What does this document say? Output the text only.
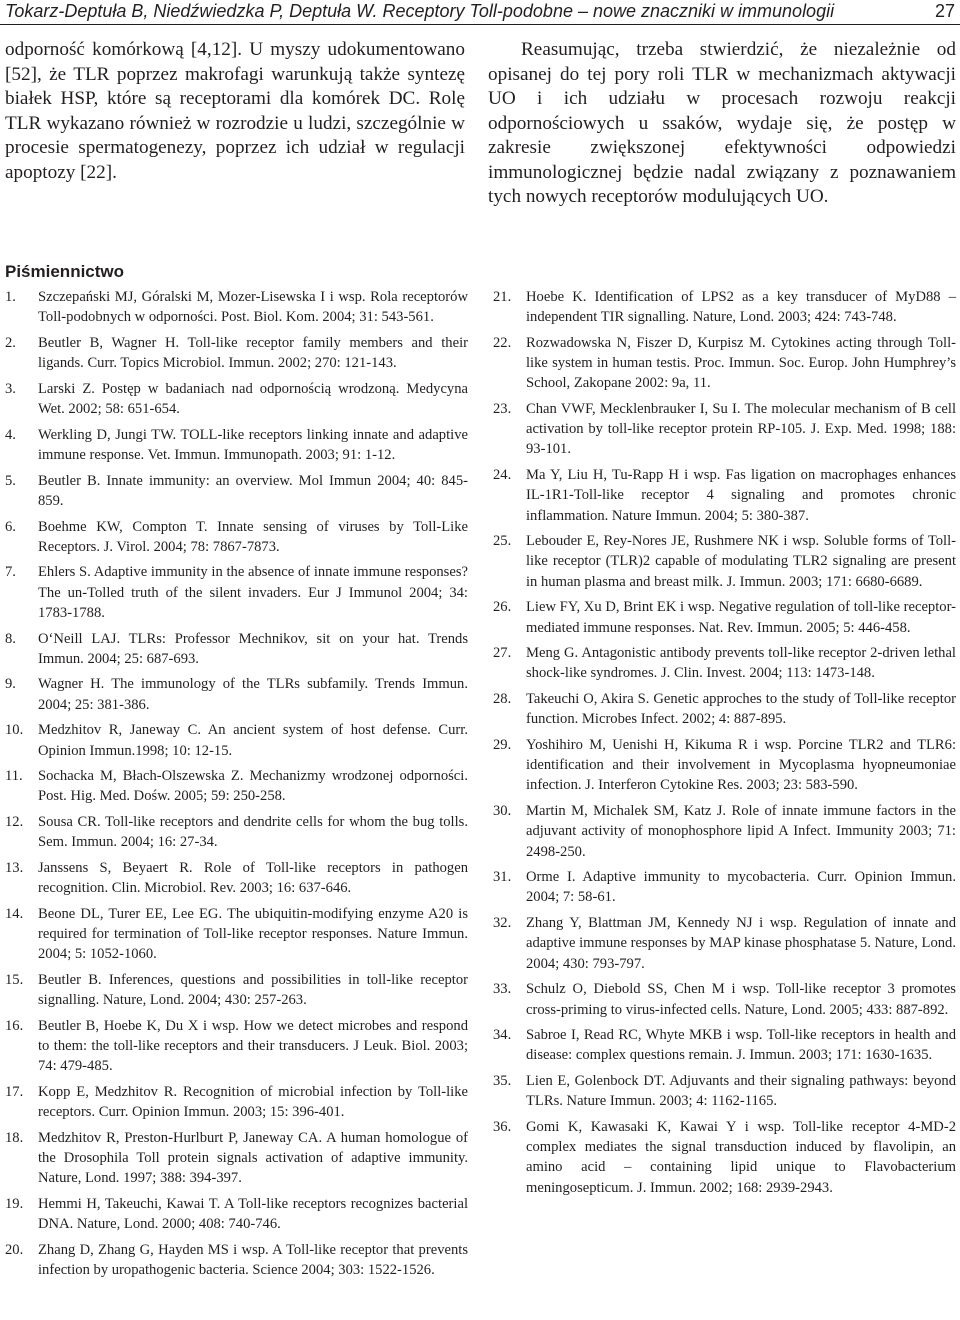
Tokarz-Deptuła B, Niedźwiedzka P, Deptuła W. Receptory Toll-podobne – nowe znaczniki w immunologii	27
odporność komórkową [4,12]. U myszy udokumentowano [52], że TLR poprzez makrofagi warunkują także syntezę białek HSP, które są receptorami dla komórek DC. Rolę TLR wykazano również w rozrodzie u ludzi, szczególnie w procesie spermatogenezy, poprzez ich udział w regulacji apoptozy [22].
Reasumując, trzeba stwierdzić, że niezależnie od opisanej do tej pory roli TLR w mechanizmach aktywacji UO i ich udziału w procesach rozwoju reakcji odpornościowych u ssaków, wydaje się, że postęp w zakresie zwiększonej efektywności odpowiedzi immunologicznej będzie nadal związany z poznawaniem tych nowych receptorów modulujących UO.
Piśmiennictwo
1.	Szczepański MJ, Góralski M, Mozer-Lisewska I i wsp. Rola receptorów Toll-podobnych w odporności. Post. Biol. Kom. 2004; 31: 543-561.
2.	Beutler B, Wagner H. Toll-like receptor family members and their ligands. Curr. Topics Microbiol. Immun. 2002; 270: 121-143.
3.	Larski Z. Postęp w badaniach nad odpornością wrodzoną. Medycyna Wet. 2002; 58: 651-654.
4.	Werkling D, Jungi TW. TOLL-like receptors linking innate and adaptive immune response. Vet. Immun. Immunopath. 2003; 91: 1-12.
5.	Beutler B. Innate immunity: an overview. Mol Immun 2004; 40: 845-859.
6.	Boehme KW, Compton T. Innate sensing of viruses by Toll-Like Receptors. J. Virol. 2004; 78: 7867-7873.
7.	Ehlers S. Adaptive immunity in the absence of innate immune responses? The un-Tolled truth of the silent invaders. Eur J Immunol 2004; 34: 1783-1788.
8.	O‘Neill LAJ. TLRs: Professor Mechnikov, sit on your hat. Trends Immun. 2004; 25: 687-693.
9.	Wagner H. The immunology of the TLRs subfamily. Trends Immun. 2004; 25: 381-386.
10. Medzhitov R, Janeway C. An ancient system of host defense. Curr. Opinion Immun.1998; 10: 12-15.
11. Sochacka M, Błach-Olszewska Z. Mechanizmy wrodzonej odporności. Post. Hig. Med. Dośw. 2005; 59: 250-258.
12. Sousa CR. Toll-like receptors and dendrite cells for whom the bug tolls. Sem. Immun. 2004; 16: 27-34.
13. Janssens S, Beyaert R. Role of Toll-like receptors in pathogen recognition. Clin. Microbiol. Rev. 2003; 16: 637-646.
14. Beone DL, Turer EE, Lee EG. The ubiquitin-modifying enzyme A20 is required for termination of Toll-like receptor responses. Nature Immun. 2004; 5: 1052-1060.
15. Beutler B. Inferences, questions and possibilities in toll-like receptor signalling. Nature, Lond. 2004; 430: 257-263.
16. Beutler B, Hoebe K, Du X i wsp. How we detect microbes and respond to them: the toll-like receptors and their transducers. J Leuk. Biol. 2003; 74: 479-485.
17. Kopp E, Medzhitov R. Recognition of microbial infection by Toll-like receptors. Curr. Opinion Immun. 2003; 15: 396-401.
18. Medzhitov R, Preston-Hurlburt P, Janeway CA. A human homologue of the Drosophila Toll protein signals activation of adaptive immunity. Nature, Lond. 1997; 388: 394-397.
19. Hemmi H, Takeuchi, Kawai T. A Toll-like receptors recognizes bacterial DNA. Nature, Lond. 2000; 408: 740-746.
20. Zhang D, Zhang G, Hayden MS i wsp. A Toll-like receptor that prevents infection by uropathogenic bacteria. Science 2004; 303: 1522-1526.
21.	Hoebe K. Identification of LPS2 as a key transducer of MyD88 – independent TIR signalling. Nature, Lond. 2003; 424: 743-748.
22.	Rozwadowska N, Fiszer D, Kurpisz M. Cytokines acting through Toll-like system in human testis. Proc. Immun. Soc. Europ. John Humphrey’s School, Zakopane 2002: 9a, 11.
23.	Chan VWF, Mecklenbrauker I, Su I. The molecular mechanism of B cell activation by toll-like receptor protein RP-105. J. Exp. Med. 1998; 188: 93-101.
24.	Ma Y, Liu H, Tu-Rapp H i wsp. Fas ligation on macrophages enhances IL-1R1-Toll-like receptor 4 signaling and promotes chronic inflammation. Nature Immun. 2004; 5: 380-387.
25.	Lebouder E, Rey-Nores JE, Rushmere NK i wsp. Soluble forms of Toll-like receptor (TLR)2 capable of modulating TLR2 signaling are present in human plasma and breast milk. J. Immun. 2003; 171: 6680-6689.
26.	Liew FY, Xu D, Brint EK i wsp. Negative regulation of toll-like receptor-mediated immune responses. Nat. Rev. Immun. 2005; 5: 446-458.
27.	Meng G. Antagonistic antibody prevents toll-like receptor 2-driven lethal shock-like syndromes. J. Clin. Invest. 2004; 113: 1473-148.
28.	Takeuchi O, Akira S. Genetic approches to the study of Toll-like receptor function. Microbes Infect. 2002; 4: 887-895.
29.	Yoshihiro M, Uenishi H, Kikuma R i wsp. Porcine TLR2 and TLR6: identification and their involvement in Mycoplasma hyopneumoniae infection. J. Interferon Cytokine Res. 2003; 23: 583-590.
30.	Martin M, Michalek SM, Katz J. Role of innate immune factors in the adjuvant activity of monophosphore lipid A Infect. Immunity 2003; 71: 2498-250.
31.	Orme I. Adaptive immunity to mycobacteria. Curr. Opinion Immun. 2004; 7: 58-61.
32.	Zhang Y, Blattman JM, Kennedy NJ i wsp. Regulation of innate and adaptive immune responses by MAP kinase phosphatase 5. Nature, Lond. 2004; 430: 793-797.
33.	Schulz O, Diebold SS, Chen M i wsp. Toll-like receptor 3 promotes cross-priming to virus-infected cells. Nature, Lond. 2005; 433: 887-892.
34.	Sabroe I, Read RC, Whyte MKB i wsp. Toll-like receptors in health and disease: complex questions remain. J. Immun. 2003; 171: 1630-1635.
35.	Lien E, Golenbock DT. Adjuvants and their signaling pathways: beyond TLRs. Nature Immun. 2003; 4: 1162-1165.
36.	Gomi K, Kawasaki K, Kawai Y i wsp. Toll-like receptor 4-MD-2 complex mediates the signal transduction induced by flavolipin, an amino acid – containing lipid unique to Flavobacterium meningosepticum. J. Immun. 2002; 168: 2939-2943.
